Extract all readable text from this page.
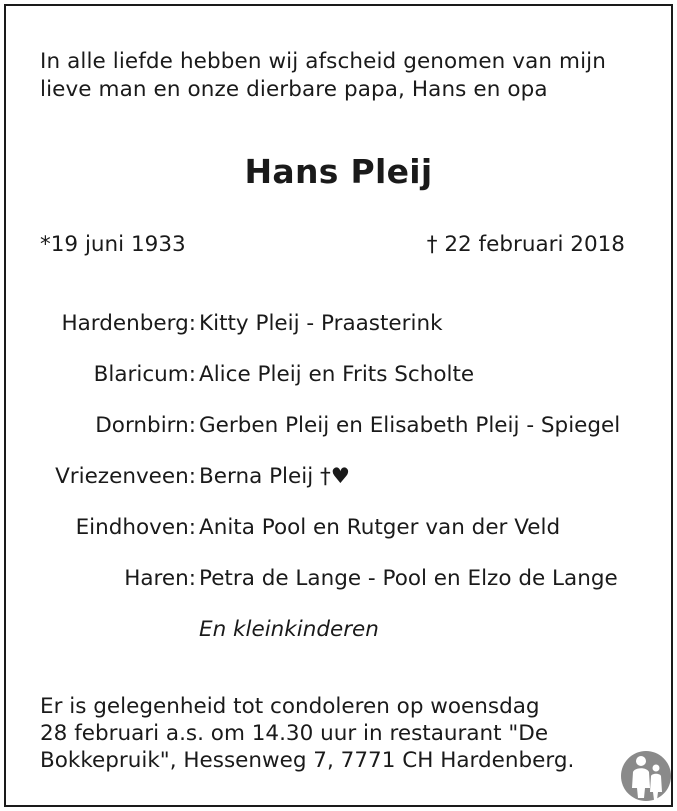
In alle liefde hebben wij afscheid genomen van mijn
lieve man en onze dierbare papa, Hans en opa
Hans Pleij
*19 juni 1933	† 22 februari 2018
Hardenberg: Kitty Pleij - Praasterink
Blaricum: Alice Pleij en Frits Scholte
Dornbirn: Gerben Pleij en Elisabeth Pleij - Spiegel
Vriezenveen: Berna Pleij †♥
Eindhoven: Anita Pool en Rutger van der Veld
Haren: Petra de Lange - Pool en Elzo de Lange
En kleinkinderen
Er is gelegenheid tot condoleren op woensdag
28 februari a.s. om 14.30 uur in restaurant "De
Bokkepruik", Hessenweg 7, 7771 CH Hardenberg.
